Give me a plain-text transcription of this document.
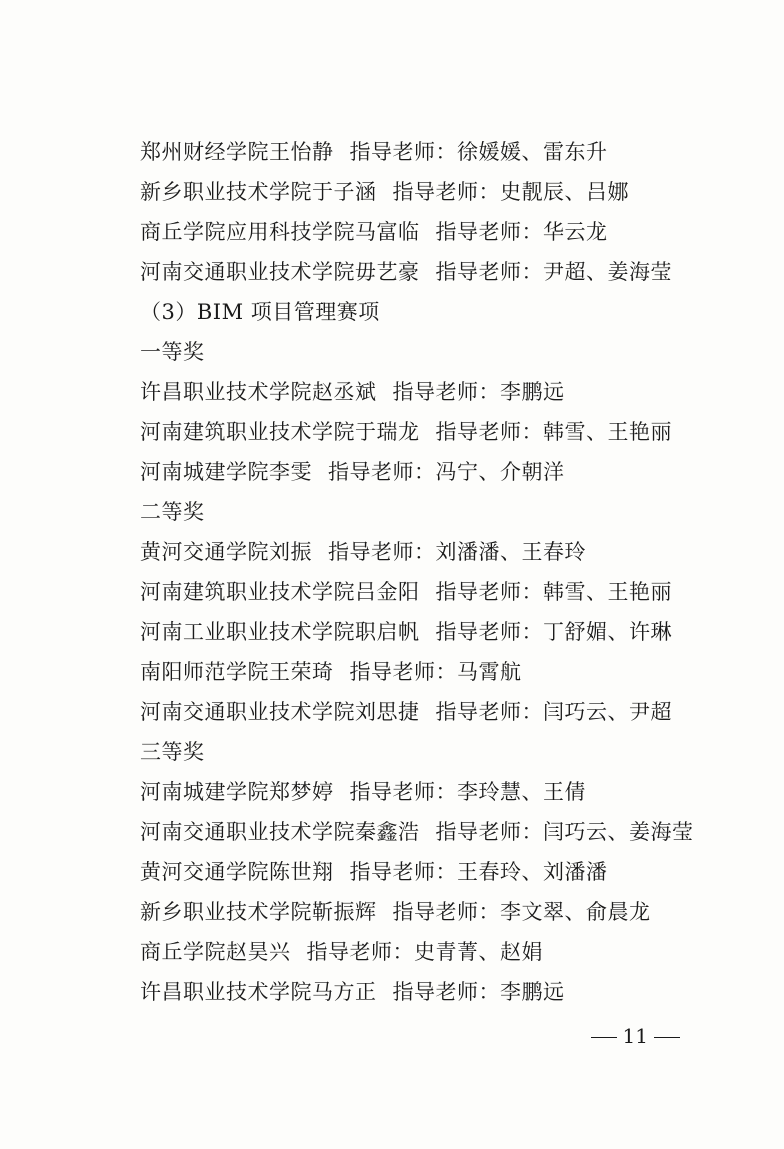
郑州财经学院王怡静 指导老师：徐媛媛、雷东升
新乡职业技术学院于子涵 指导老师：史靓辰、吕娜
商丘学院应用科技学院马富临 指导老师：华云龙
河南交通职业技术学院毋艺豪 指导老师：尹超、姜海莹
（3）BIM 项目管理赛项
一等奖
许昌职业技术学院赵丞斌 指导老师：李鹏远
河南建筑职业技术学院于瑞龙 指导老师：韩雪、王艳丽
河南城建学院李雯 指导老师：冯宁、介朝洋
二等奖
黄河交通学院刘振 指导老师：刘潘潘、王春玲
河南建筑职业技术学院吕金阳 指导老师：韩雪、王艳丽
河南工业职业技术学院职启帆 指导老师：丁舒媚、许琳
南阳师范学院王荣琦 指导老师：马霄航
河南交通职业技术学院刘思捷 指导老师：闫巧云、尹超
三等奖
河南城建学院郑梦婷 指导老师：李玲慧、王倩
河南交通职业技术学院秦鑫浩 指导老师：闫巧云、姜海莹
黄河交通学院陈世翔 指导老师：王春玲、刘潘潘
新乡职业技术学院靳振辉 指导老师：李文翠、俞晨龙
商丘学院赵昊兴 指导老师：史青菁、赵娟
许昌职业技术学院马方正 指导老师：李鹏远
11
